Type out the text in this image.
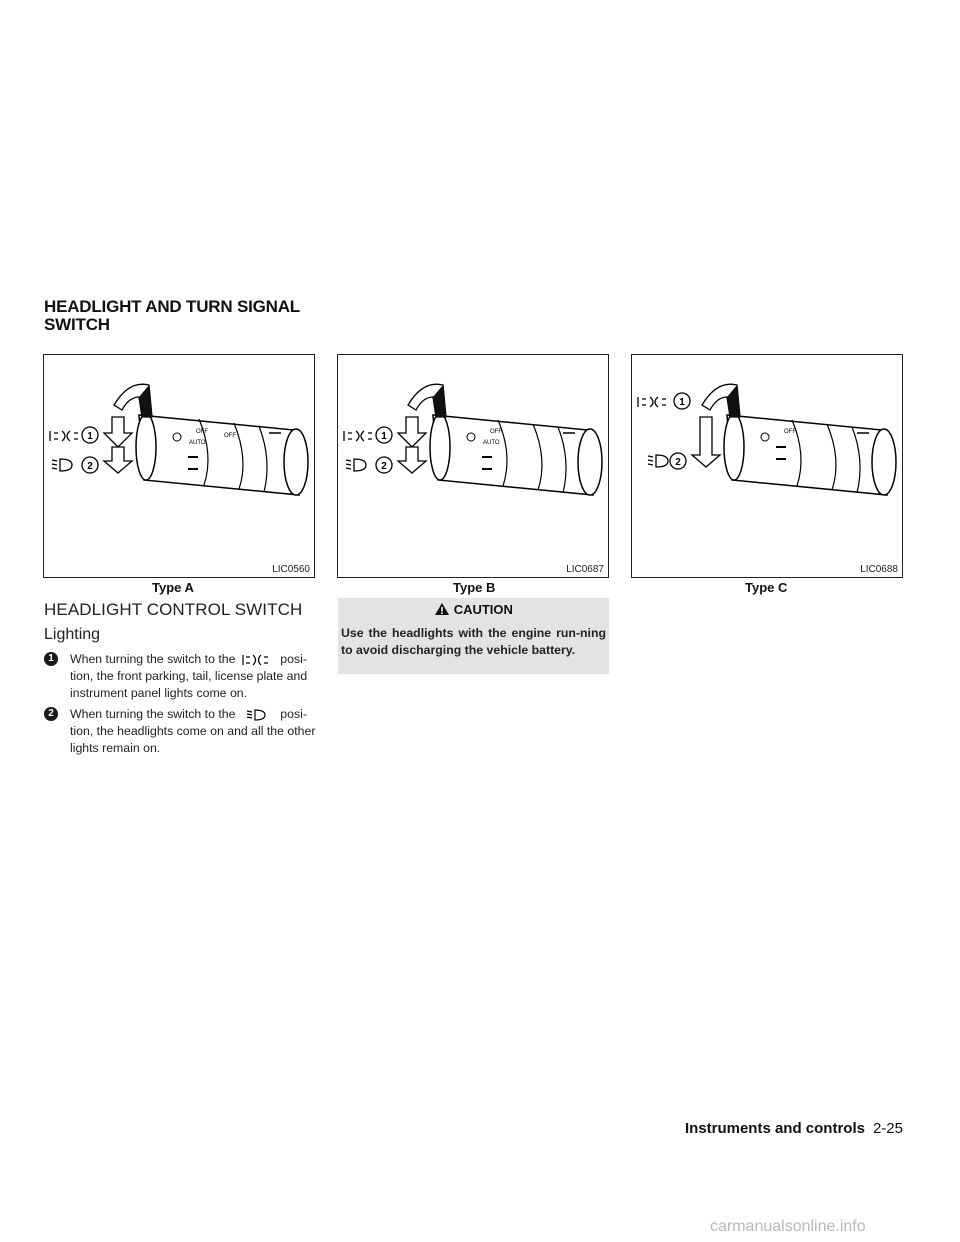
HEADLIGHT AND TURN SIGNAL
SWITCH
1
2
OFF
AUTO
OFF
LIC0560
1
2
OFF
AUTO
LIC0687
1
2
OFF
LIC0688
Type A	Type B	Type C
HEADLIGHT CONTROL SWITCH
Lighting
1	When turning the switch to the	posi- tion, the front parking, tail, license plate and instrument panel lights come on.
2	When turning the switch to the	posi- tion, the headlights come on and all the other lights remain on.
CAUTION
Use the headlights with the engine run-ning to avoid discharging the vehicle battery.
Instruments and controls 2-25
carmanualsonline.info
